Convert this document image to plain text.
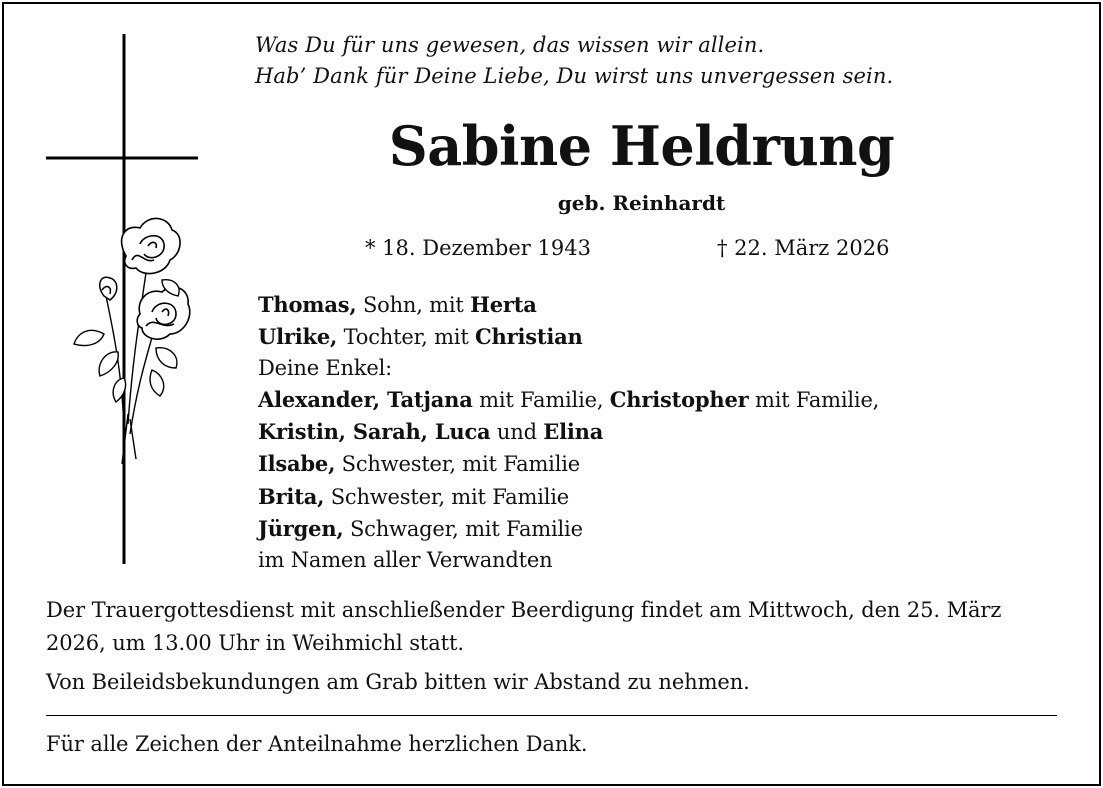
Was Du für uns gewesen, das wissen wir allein.
Hab’ Dank für Deine Liebe, Du wirst uns unvergessen sein.
Sabine Heldrung
geb. Reinhardt
* 18. Dezember 1943	† 22. März 2026
Thomas, Sohn, mit Herta
Ulrike, Tochter, mit Christian
Deine Enkel:
Alexander, Tatjana mit Familie, Christopher mit Familie,
Kristin, Sarah, Luca und Elina
Ilsabe, Schwester, mit Familie
Brita, Schwester, mit Familie
Jürgen, Schwager, mit Familie
im Namen aller Verwandten

Der Trauergottesdienst mit anschließender Beerdigung findet am Mittwoch, den 25. März 2026, um 13.00 Uhr in Weihmichl statt.

Von Beileidsbekundungen am Grab bitten wir Abstand zu nehmen.

Für alle Zeichen der Anteilnahme herzlichen Dank.
